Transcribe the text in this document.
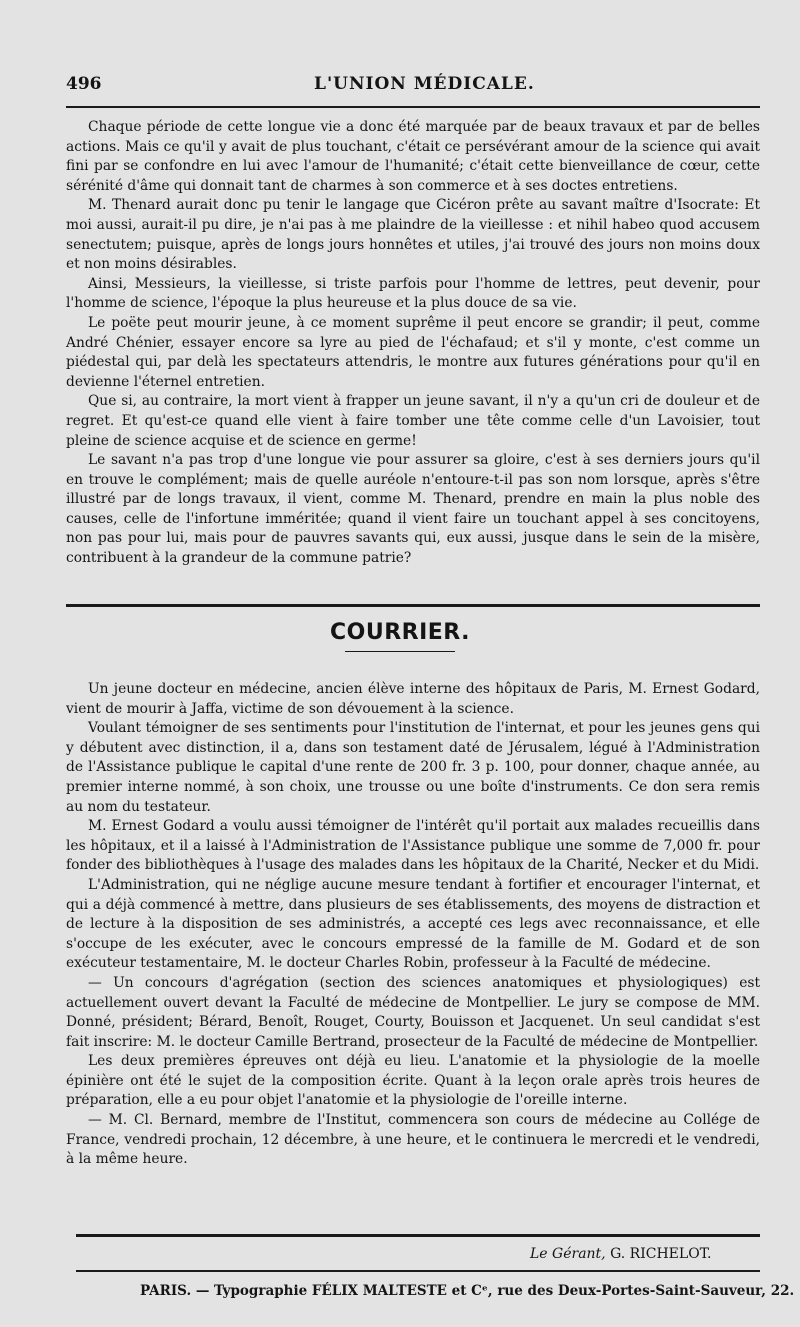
496	L'UNION MÉDICALE.

Chaque période de cette longue vie a donc été marquée par de beaux travaux et par de belles actions. Mais ce qu'il y avait de plus touchant, c'était ce persévérant amour de la science qui avait fini par se confondre en lui avec l'amour de l'humanité; c'était cette bienveillance de cœur, cette sérénité d'âme qui donnait tant de charmes à son commerce et à ses doctes entretiens.

M. Thenard aurait donc pu tenir le langage que Cicéron prête au savant maître d'Isocrate: Et moi aussi, aurait-il pu dire, je n'ai pas à me plaindre de la vieillesse : et nihil habeo quod accusem senectutem; puisque, après de longs jours honnêtes et utiles, j'ai trouvé des jours non moins doux et non moins désirables.

Ainsi, Messieurs, la vieillesse, si triste parfois pour l'homme de lettres, peut devenir, pour l'homme de science, l'époque la plus heureuse et la plus douce de sa vie.

Le poëte peut mourir jeune, à ce moment suprême il peut encore se grandir; il peut, comme André Chénier, essayer encore sa lyre au pied de l'échafaud; et s'il y monte, c'est comme un piédestal qui, par delà les spectateurs attendris, le montre aux futures générations pour qu'il en devienne l'éternel entretien.

Que si, au contraire, la mort vient à frapper un jeune savant, il n'y a qu'un cri de douleur et de regret. Et qu'est-ce quand elle vient à faire tomber une tête comme celle d'un Lavoisier, tout pleine de science acquise et de science en germe!

Le savant n'a pas trop d'une longue vie pour assurer sa gloire, c'est à ses derniers jours qu'il en trouve le complément; mais de quelle auréole n'entoure-t-il pas son nom lorsque, après s'être illustré par de longs travaux, il vient, comme M. Thenard, prendre en main la plus noble des causes, celle de l'infortune imméritée; quand il vient faire un touchant appel à ses concitoyens, non pas pour lui, mais pour de pauvres savants qui, eux aussi, jusque dans le sein de la misère, contribuent à la grandeur de la commune patrie?

COURRIER.

Un jeune docteur en médecine, ancien élève interne des hôpitaux de Paris, M. Ernest Godard, vient de mourir à Jaffa, victime de son dévouement à la science.

Voulant témoigner de ses sentiments pour l'institution de l'internat, et pour les jeunes gens qui y débutent avec distinction, il a, dans son testament daté de Jérusalem, légué à l'Administration de l'Assistance publique le capital d'une rente de 200 fr. 3 p. 100, pour donner, chaque année, au premier interne nommé, à son choix, une trousse ou une boîte d'instruments. Ce don sera remis au nom du testateur.

M. Ernest Godard a voulu aussi témoigner de l'intérêt qu'il portait aux malades recueillis dans les hôpitaux, et il a laissé à l'Administration de l'Assistance publique une somme de 7,000 fr. pour fonder des bibliothèques à l'usage des malades dans les hôpitaux de la Charité, Necker et du Midi.

L'Administration, qui ne néglige aucune mesure tendant à fortifier et encourager l'internat, et qui a déjà commencé à mettre, dans plusieurs de ses établissements, des moyens de distraction et de lecture à la disposition de ses administrés, a accepté ces legs avec reconnaissance, et elle s'occupe de les exécuter, avec le concours empressé de la famille de M. Godard et de son exécuteur testamentaire, M. le docteur Charles Robin, professeur à la Faculté de médecine.

— Un concours d'agrégation (section des sciences anatomiques et physiologiques) est actuellement ouvert devant la Faculté de médecine de Montpellier. Le jury se compose de MM. Donné, président; Bérard, Benoît, Rouget, Courty, Bouisson et Jacquenet. Un seul candidat s'est fait inscrire: M. le docteur Camille Bertrand, prosecteur de la Faculté de médecine de Montpellier.

Les deux premières épreuves ont déjà eu lieu. L'anatomie et la physiologie de la moelle épinière ont été le sujet de la composition écrite. Quant à la leçon orale après trois heures de préparation, elle a eu pour objet l'anatomie et la physiologie de l'oreille interne.

— M. Cl. Bernard, membre de l'Institut, commencera son cours de médecine au Collége de France, vendredi prochain, 12 décembre, à une heure, et le continuera le mercredi et le vendredi, à la même heure.

Le Gérant, G. RICHELOT.
PARIS. — Typographie FÉLIX MALTESTE et Cᵉ, rue des Deux-Portes-Saint-Sauveur, 22.
